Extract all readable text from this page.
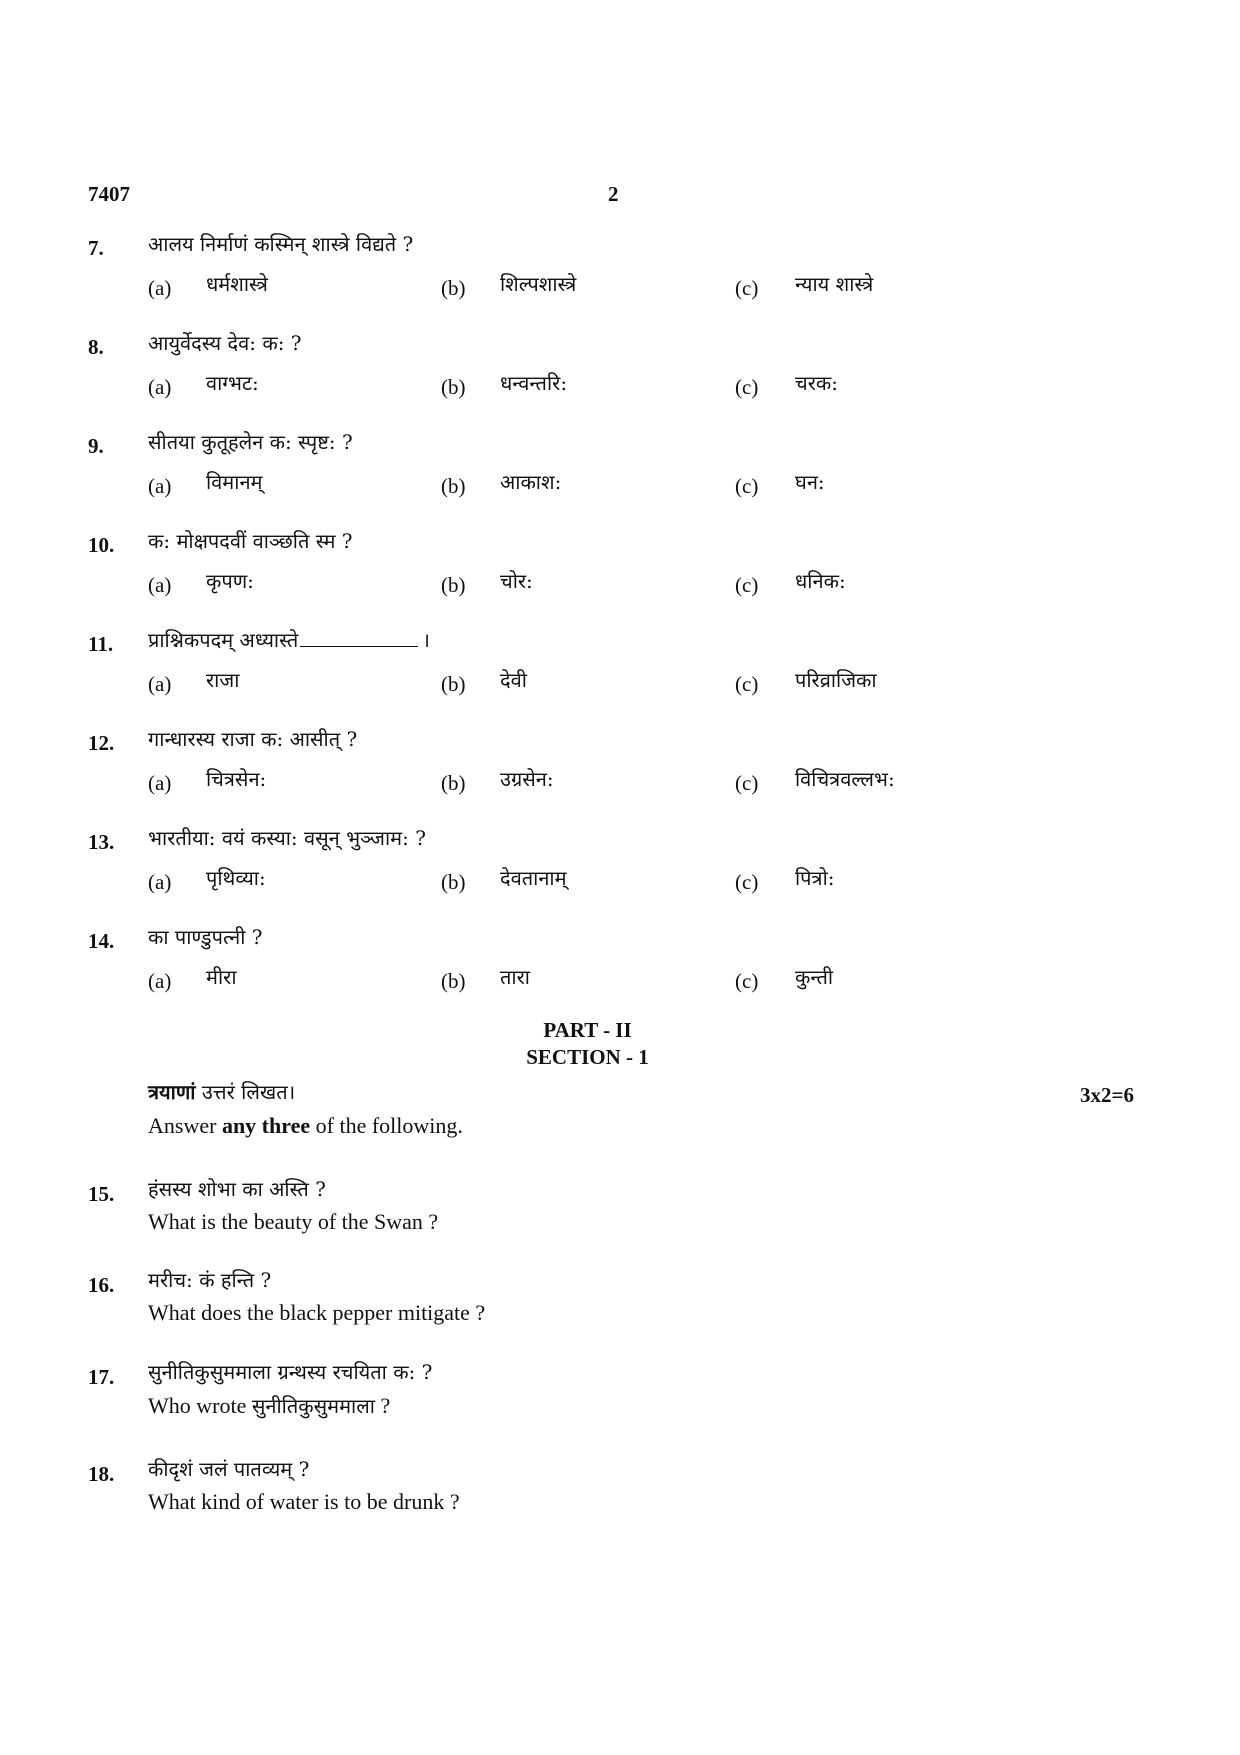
7407	2
7. आलय निर्माणं कस्मिन् शास्त्रे विद्यते ?
(a) धर्मशास्त्रे	(b) शिल्पशास्त्रे	(c) न्याय शास्त्रे
8. आयुर्वेदस्य देव: क: ?
(a) वाग्भट:	(b) धन्वन्तरि:	(c) चरक:
9. सीतया कुतूहलेन क: स्पृष्ट: ?
(a) विमानम्	(b) आकाश:	(c) घन:
10. क: मोक्षपदवीं वाञ्छति स्म ?
(a) कृपण:	(b) चोर:	(c) धनिक:
11. प्राश्निकपदम् अध्यास्ते	।
(a) राजा	(b) देवी	(c) परिव्राजिका
12. गान्धारस्य राजा क: आसीत् ?
(a) चित्रसेन:	(b) उग्रसेन:	(c) विचित्रवल्लभ:
13. भारतीया: वयं कस्या: वसून् भुञ्जाम: ?
(a) पृथिव्या:	(b) देवतानाम्	(c) पित्रो:
14. का पाण्डुपत्नी ?
(a) मीरा	(b) तारा	(c) कुन्ती
PART - II
SECTION - 1
त्रयाणां उत्तरं लिखत।	3x2=6
Answer any three of the following.
15. हंसस्य शोभा का अस्ति ?
What is the beauty of the Swan ?
16. मरीच: कं हन्ति ?
What does the black pepper mitigate ?
17. सुनीतिकुसुममाला ग्रन्थस्य रचयिता क: ?
Who wrote सुनीतिकुसुममाला ?
18. कीदृशं जलं पातव्यम् ?
What kind of water is to be drunk ?
